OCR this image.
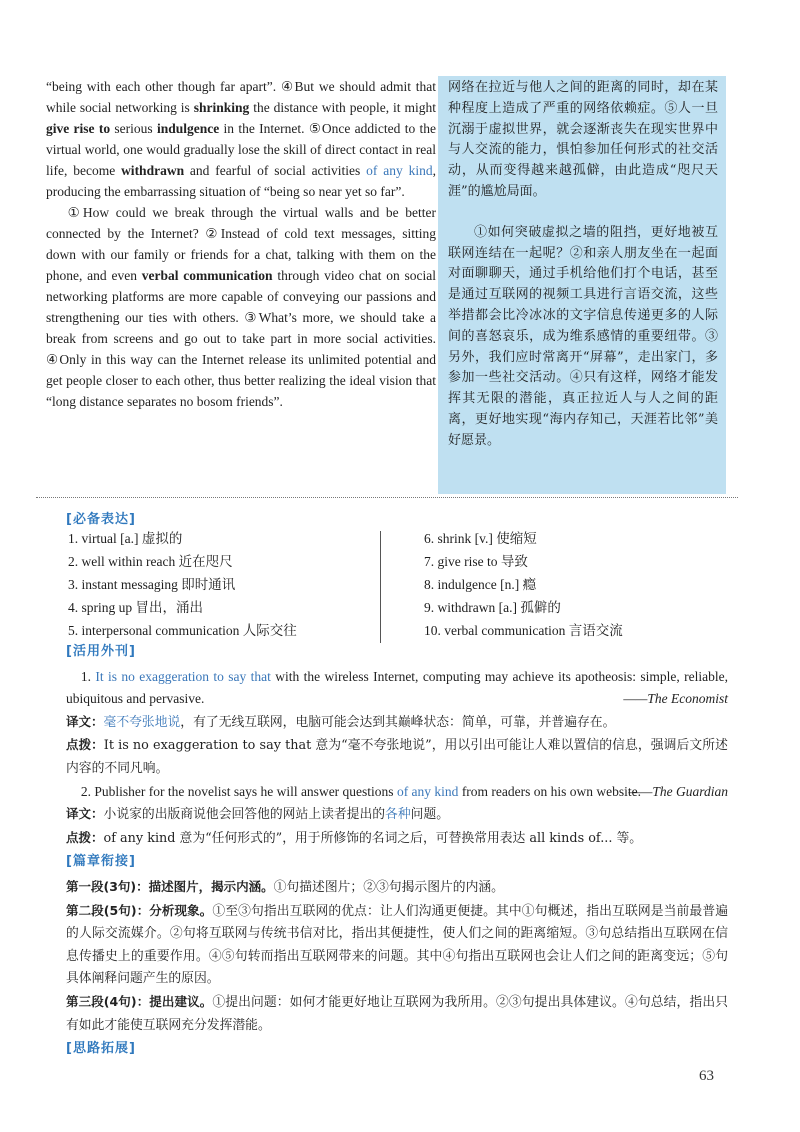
“being with each other though far apart”. ④But we should admit that while social networking is shrinking the distance with people, it might give rise to serious indulgence in the Internet. ⑤Once addicted to the virtual world, one would gradually lose the skill of direct contact in real life, become withdrawn and fearful of social activities of any kind, producing the embarrassing situation of “being so near yet so far”.

①How could we break through the virtual walls and be better connected by the Internet? ②Instead of cold text messages, sitting down with our family or friends for a chat, talking with them on the phone, and even verbal communication through video chat on social networking platforms are more capable of conveying our passions and strengthening our ties with others. ③What’s more, we should take a break from screens and go out to take part in more social activities. ④Only in this way can the Internet release its unlimited potential and get people closer to each other, thus better realizing the ideal vision that “long distance separates no bosom friends”.

网络在拉近与他人之间的距离的同时，却在某种程度上造成了严重的网络依赖症。⑤人一旦沉溺于虚拟世界，就会逐渐丧失在现实世界中与人交流的能力，惧怕参加任何形式的社交活动，从而变得越来越孤僻，由此造成“咫尺天涯”的尴尬局面。

①如何突破虚拟之墙的阻挡，更好地被互联网连结在一起呢？②和亲人朋友坐在一起面对面聊聊天，通过手机给他们打个电话，甚至是通过互联网的视频工具进行言语交流，这些举措都会比冷冰冰的文字信息传递更多的人际间的喜怒哀乐，成为维系感情的重要纽带。③另外，我们应时常离开“屏幕”，走出家门，多参加一些社交活动。④只有这样，网络才能发挥其无限的潜能，真正拉近人与人之间的距离，更好地实现“海内存知己，天涯若比邻”美好愿景。

[必备表达]
1. virtual [a.] 虚拟的
2. well within reach 近在咫尺
3. instant messaging 即时通讯
4. spring up 冒出，涌出
5. interpersonal communication 人际交往
6. shrink [v.] 使缩短
7. give rise to 导致
8. indulgence [n.] 瘾
9. withdrawn [a.] 孤僻的
10. verbal communication 言语交流
[活用外刊]

1. It is no exaggeration to say that with the wireless Internet, computing may achieve its apotheosis: simple, reliable, ubiquitous and pervasive.	——The Economist

译文：毫不夸张地说，有了无线互联网，电脑可能会达到其巅峰状态：简单，可靠，并普遍存在。

点拨：It is no exaggeration to say that 意为“毫不夸张地说”，用以引出可能让人难以置信的信息，强调后文所述内容的不同凡响。

2. Publisher for the novelist says he will answer questions of any kind from readers on his own website.

——The Guardian

译文：小说家的出版商说他会回答他的网站上读者提出的各种问题。

点拨：of any kind 意为“任何形式的”，用于所修饰的名词之后，可替换常用表达 all kinds of... 等。

[篇章衔接]

第一段(3句)：描述图片，揭示内涵。①句描述图片；②③句揭示图片的内涵。

第二段(5句)：分析现象。①至③句指出互联网的优点：让人们沟通更便捷。其中①句概述，指出互联网是当前最普遍的人际交流媒介。②句将互联网与传统书信对比，指出其便捷性，使人们之间的距离缩短。③句总结指出互联网在信息传播史上的重要作用。④⑤句转而指出互联网带来的问题。其中④句指出互联网也会让人们之间的距离变远；⑤句具体阐释问题产生的原因。

第三段(4句)：提出建议。①提出问题：如何才能更好地让互联网为我所用。②③句提出具体建议。④句总结，指出只有如此才能使互联网充分发挥潜能。

[思路拓展]
63
